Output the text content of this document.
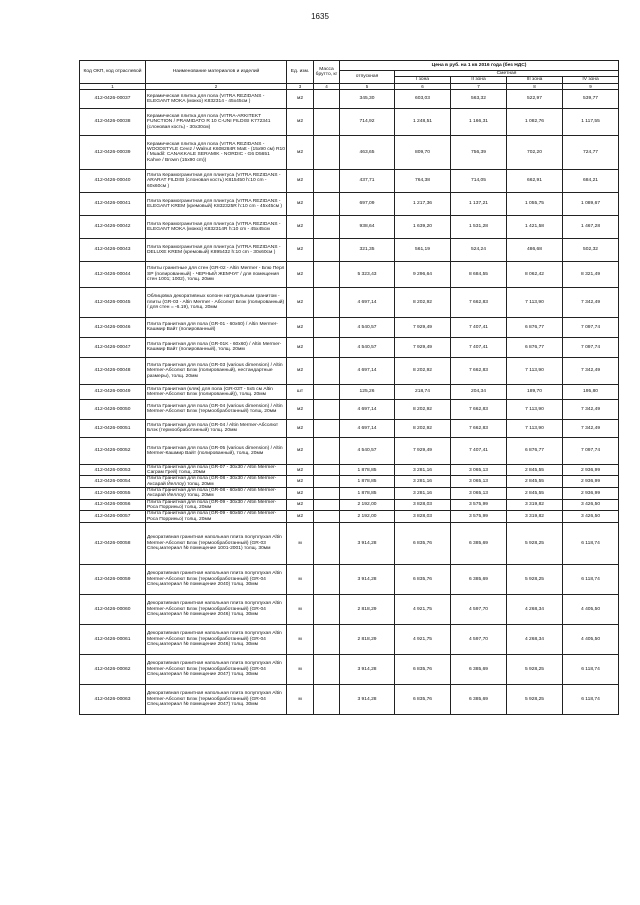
1635
Код ОКП, код отраслевой	Наименование материалов и изделий	Ед. изм.	Масса брутто, кг	Цена в руб. на 1 кв 2016 года (без НДС)				
				отпускная	Сметная			
					I зона	II зона	III зона	IV зона
1	2	3	4	5	6	7	8	9
412-0426-00037	Керамическая плитка для пола (VITRA REZIDANS - ELEGANT MOKA (мокко) K832314 - 45х45см )	м2		345,30	603,03	563,32	522,97	539,77
412-0426-00038	Керамическая плитка для пола (VITRA-ARKITEKT FUNCTION / PRAMIDATO R 10 C-UNI FILDISI K772341 (слоновая кость) - 30х30см)	м2		714,92	1 248,51	1 166,31	1 082,76	1 117,55
412-0426-00039	Керамическая плитка для пола (VITRA REZIDANS - WOODSTYLE Cevız / Walnut K608284R Matt - (15х90 см) R10 / Muadil: CANAKKALE SERAMIK - NORDIC - G6 D5651 Kahve / Brown (15х90 cm))	м2		463,65	809,70	756,39	702,20	724,77
412-0426-00040	Плита Керамогранитная для плинтуса (VITRA REZIDANS - ARARAT FILDISI (слоновая кость) K815450 h:10 cm - 60х60см )	м2		437,71	764,38	714,05	662,91	684,21
412-0426-00041	Плита Керамогранитная для плинтуса (VITRA REZIDANS - ELEGANT KREM (кремовый) K832325R h:10 cm - 45х45см )	м2		697,09	1 217,36	1 137,21	1 055,75	1 089,67
412-0426-00042	Плита Керамогранитная для плинтуса (VITRA REZIDANS - ELEGANT MOKA (мокко) K832314R h:10 cm - 45х45см	м2		938,64	1 639,20	1 531,28	1 421,58	1 467,28
412-0426-00043	Плита Керамогранитная для плинтуса (VITRA REZIDANS - DELUXE KREM (кремовый) K895432 h:10 cm - 30х60см )	м2		321,35	561,19	524,24	486,68	502,32
412-0426-00044	Плиты гранитные для стен (GR-02 - Altin Mermer - Блю Перл SP (полированный) - ЧЕРНЫЙ ЖЕМЧУГ / для помещения стен 1001; 1002), толщ. 20мм	м2		5 323,43	9 296,64	8 684,55	8 062,42	8 321,49
412-0426-00045	Облицовка декоративных колонн натуральным гранитом - плиты (GR-03 - Altin Mermer - Абсолют Блэк (полированный) / для стен = -6.19), толщ. 20мм	м2		4 697,14	8 202,92	7 662,83	7 113,90	7 342,49
412-0426-00046	Плита Гранитная для пола (GR-01 - 60х60) / Altin Mermer-Кашмир Вайт (полированный)	м2		4 540,57	7 929,49	7 407,41	6 876,77	7 097,74
412-0426-00047	Плита Гранитная для пола (GR-01K - 60х60) / Altin Mermer-Кашмир Вайт (полированный), толщ. 20мм	м2		4 540,57	7 929,49	7 407,41	6 876,77	7 097,74
412-0426-00048	Плита Гранитная для пола (GR-03 (various dimension) / Altin Mermer-Абсолют Блэк (полированный), нестандартные размеры), толщ. 20мм	м2		4 697,14	8 202,92	7 662,83	7 113,90	7 342,49
412-0426-00049	Плита Гранитная (кляк) для пола (GR-03T - 5х5 см Altin Mermer-Абсолют Блэк (полированный)), толщ. 20мм	шт		125,26	218,74	204,34	189,70	195,80
412-0426-00050	Плита Гранитная для пола (GR-04 (various dimension) / Altin Mermer-Абсолют Блэк (термообработанный) толщ. 20мм	м2		4 697,14	8 202,92	7 662,83	7 113,90	7 342,49
412-0426-00051	Плита Гранитная для пола (GR-04 / Altin Mermer-Абсолют Блэк (термообработанный) толщ. 20мм	м2		4 697,14	8 202,92	7 662,83	7 113,90	7 342,49
412-0426-00052	Плита Гранитная для пола (GR-05 (various dimension) / Altin Mermer-Кашмир Вайт (полированный), толщ. 20мм	м2		4 540,57	7 929,49	7 407,41	6 876,77	7 097,74
412-0426-00053	Плита Гранитная для пола (GR-07 - 30х30 / Altin Mermer-Саграм Грей) толщ. 20мм	м2		1 878,85	3 281,16	3 065,13	2 845,55	2 936,99
412-0426-00054	Плита Гранитная для пола (GR-08 - 30х30 / Altin Mermer-Аксарай Йеллоу) толщ. 20мм	м2		1 878,85	3 281,16	3 065,13	2 845,55	2 936,99
412-0426-00055	Плита Гранитная для пола (GR-08 - 60х60 / Altin Mermer-Аксарай Йеллоу) толщ. 20мм	м2		1 878,85	3 281,16	3 065,13	2 845,55	2 936,99
412-0426-00056	Плита Гранитная для пола (GR-09 - 30х30 / Altin Mermer-Роса Порриньо) толщ. 20мм	м2		2 192,00	3 828,03	3 575,99	3 319,82	3 426,50
412-0426-00057	Плита Гранитная для пола (GR-09 - 60х60 / Altin Mermer-Роса Порриньо) толщ. 20мм	м2		2 192,00	3 828,03	3 575,99	3 319,82	3 426,50
412-0426-00058	Декоративная гранитная напольная плита полуплухая Altin Mermer-Абсолют Блэк (термообработанный) (GR-03 Спец.материал № помещение 1001-2001) толщ. 30мм	м		3 914,28	6 835,76	6 385,69	5 928,25	6 118,74
412-0426-00059	Декоративная гранитная напольная плита полуплухая Altin Mermer-Абсолют Блэк (термообработанный) (GR-04 Спец.материал № помещение 2040) толщ. 30мм	м		3 914,28	6 835,76	6 385,69	5 928,25	6 118,74
412-0426-00060	Декоративная гранитная напольная плита полуплухая Altin Mermer-Абсолют Блэк (термообработанный) (GR-04 Спец.материал № помещение 2046) толщ. 30мм	м		2 818,29	4 921,75	4 597,70	4 268,34	4 405,50
412-0426-00061	Декоративная гранитная напольная плита полуплухая Altin Mermer-Абсолют Блэк (термообработанный) (GR-04 Спец.материал № помещение 2046) толщ. 30мм	м		2 818,29	4 921,75	4 597,70	4 268,34	4 405,50
412-0426-00062	Декоративная гранитная напольная плита полуплухая Altin Mermer-Абсолют Блэк (термообработанный) (GR-04 Спец.материал № помещение 2047) толщ. 30мм	м		3 914,28	6 835,76	6 385,69	5 928,25	6 118,74
412-0426-00063	Декоративная гранитная напольная плита полуплухая Altin Mermer-Абсолют Блэк (термообработанный) (GR-04 Спец.материал № помещение 2047) толщ. 30мм	м		3 914,28	6 835,76	6 385,69	5 928,25	6 118,74
